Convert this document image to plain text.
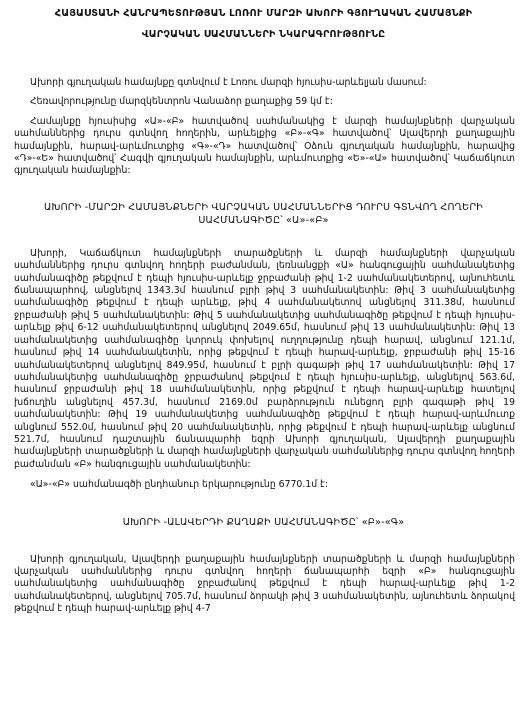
ՀԱՅԱՍՏԱՆԻ ՀԱՆՐԱՊԵՏՈՒԹՅԱՆ ԼՈՌՈՒ ՄԱՐԶԻ ԱԽՈՐԻ ԳՅՈՒՂԱԿԱՆ ՀԱՄԱՅՆՔԻ

ՎԱՐՉԱԿԱՆ ՍԱՀՄԱՆՆԵՐԻ ՆԿԱՐԱԳՐՈՒԹՅՈՒՆԸ

Ախորի գյուղական համայնքը գտնվում է Լոռու մարզի հյուսիս-արևելյան մասում:

Հեռավորությունը մարզկենտրոն Վանաձոր քաղաքից 59 կմ է:

Համայնքը հյուսիսից «Ա»-«Բ» հատվածով սահմանակից է մարզի համայնքների վարչական սահմաններից դուրս գտնվող հողերին, արևելքից «Բ»-«Գ» հատվածով՝ Ալավերդի քաղաքային համայնքին, հարավ-արևմուտքից «Գ»-«Դ» հատվածով՝ Օձուն գյուղական համայնքին, հարավից «Դ»-«Ե» հատվածով՝ Հագվի գյուղական համայնքին, արևմուտքից «Ե»-«Ա» հատվածով՝ Կաճաճկուտ գյուղական համայնքին:

ԱԽՈՐԻ -ՄԱՐԶԻ ՀԱՄԱՅՆՔՆԵՐԻ ՎԱՐՉԱԿԱՆ ՍԱՀՄԱՆՆԵՐԻՑ ԴՈՒՐՍ ԳՏՆՎՈՂ ՀՈՂԵՐԻ ՍԱՀՄԱՆԱԳԻԾԸ՝ «Ա»-«Բ»

Ախորի, Կաճաճկուտ համայնքների տարածքների և մարզի համայնքների վարչական սահմաններից դուրս գտնվող հողերի բաժանման, լեռնանցքի «Ա» հանգուցային սահմանակետից սահմանագիծը թեքվում է դեպի հյուսիս-արևելք ջրբաժանի թիվ 1-2 սահմանակետերով, այնուհետև ճանապարհով, անցնելով 1343.3մ հասնում բլրի թիվ 3 սահմանակետին: Թիվ 3 սահմանակետից սահմանագիծը թեքվում է դեպի արևելք, թիվ 4 սահմանակետով անցնելով 311.38մ, հասնում ջրբաժանի թիվ 5 սահմանակետին: Թիվ 5 սահմանակետից սահմանագիծը թեքվում է դեպի հյուսիս-արևելք թիվ 6-12 սահմանակետերով անցնելով 2049.65մ, հասնում թիվ 13 սահմանակետին: Թիվ 13 սահմանակետից սահմանագիծը կտրուկ փոխելով ուղղությունը դեպի հարավ, անցնում 121.1մ, հասնում թիվ 14 սահմանակետին, որից թեքվում է դեպի հարավ-արևելք, ջրբաժանի թիվ 15-16 սահմանակետերով անցնելով 849.95մ, հասնում է բլրի գագաթի թիվ 17 սահմանակետին: Թիվ 17 սահմանակետից սահմանագիծը ջրբաժանով թեքվում է դեպի հյուսիս-արևելք, անցնելով 563.6մ, հասնում ջրբաժանի թիվ 18 սահմանակետին, որից թեքվում է դեպի հարավ-արևելք հատելով խճուղին անցնելով 457.3մ, հասնում 2169.0մ բարձրություն ունեցող բլրի գագաթի թիվ 19 սահմանակետին: Թիվ 19 սահմանակետից սահմանագիծը թեքվում է դեպի հարավ-արևմուտք անցնում 552.0մ, հասնում թիվ 20 սահմանակետին, որից թեքվում է դեպի հարավ-արևելք անցնում 521.7մ, հասնում դաշտային ճանապարհի եզրի Ախորի գյուղական, Ալավերդի քաղաքային համայնքների տարածքների և մարզի համայնքների վարչական սահմաններից դուրս գտնվող հողերի բաժանման «Բ» հանգուցային սահմանակետին:

«Ա»-«Բ» սահմանագծի ընդհանուր երկարությունը 6770.1մ է:

ԱԽՈՐԻ -ԱԼԱՎԵՐԴԻ ՔԱՂԱՔԻ ՍԱՀՄԱՆԱԳԻԾԸ՝ «Բ»-«Գ»

Ախորի գյուղական, Ալավերդի քաղաքային համայնքների տարածքների և մարզի համայնքների վարչական սահմաններից դուրս գտնվող հողերի ճանապարհի եզրի «Բ» հանգուցային սահմանակետից սահմանագիծը ջրբաժանով թեքվում է դեպի հարավ-արևելք թիվ 1-2 սահմանակետերով, անցնելով 705.7մ, հասնում ձորակի թիվ 3 սահմանակետին, այնուհետև ձորակով թեքվում է դեպի հարավ-արևելք թիվ 4-7
